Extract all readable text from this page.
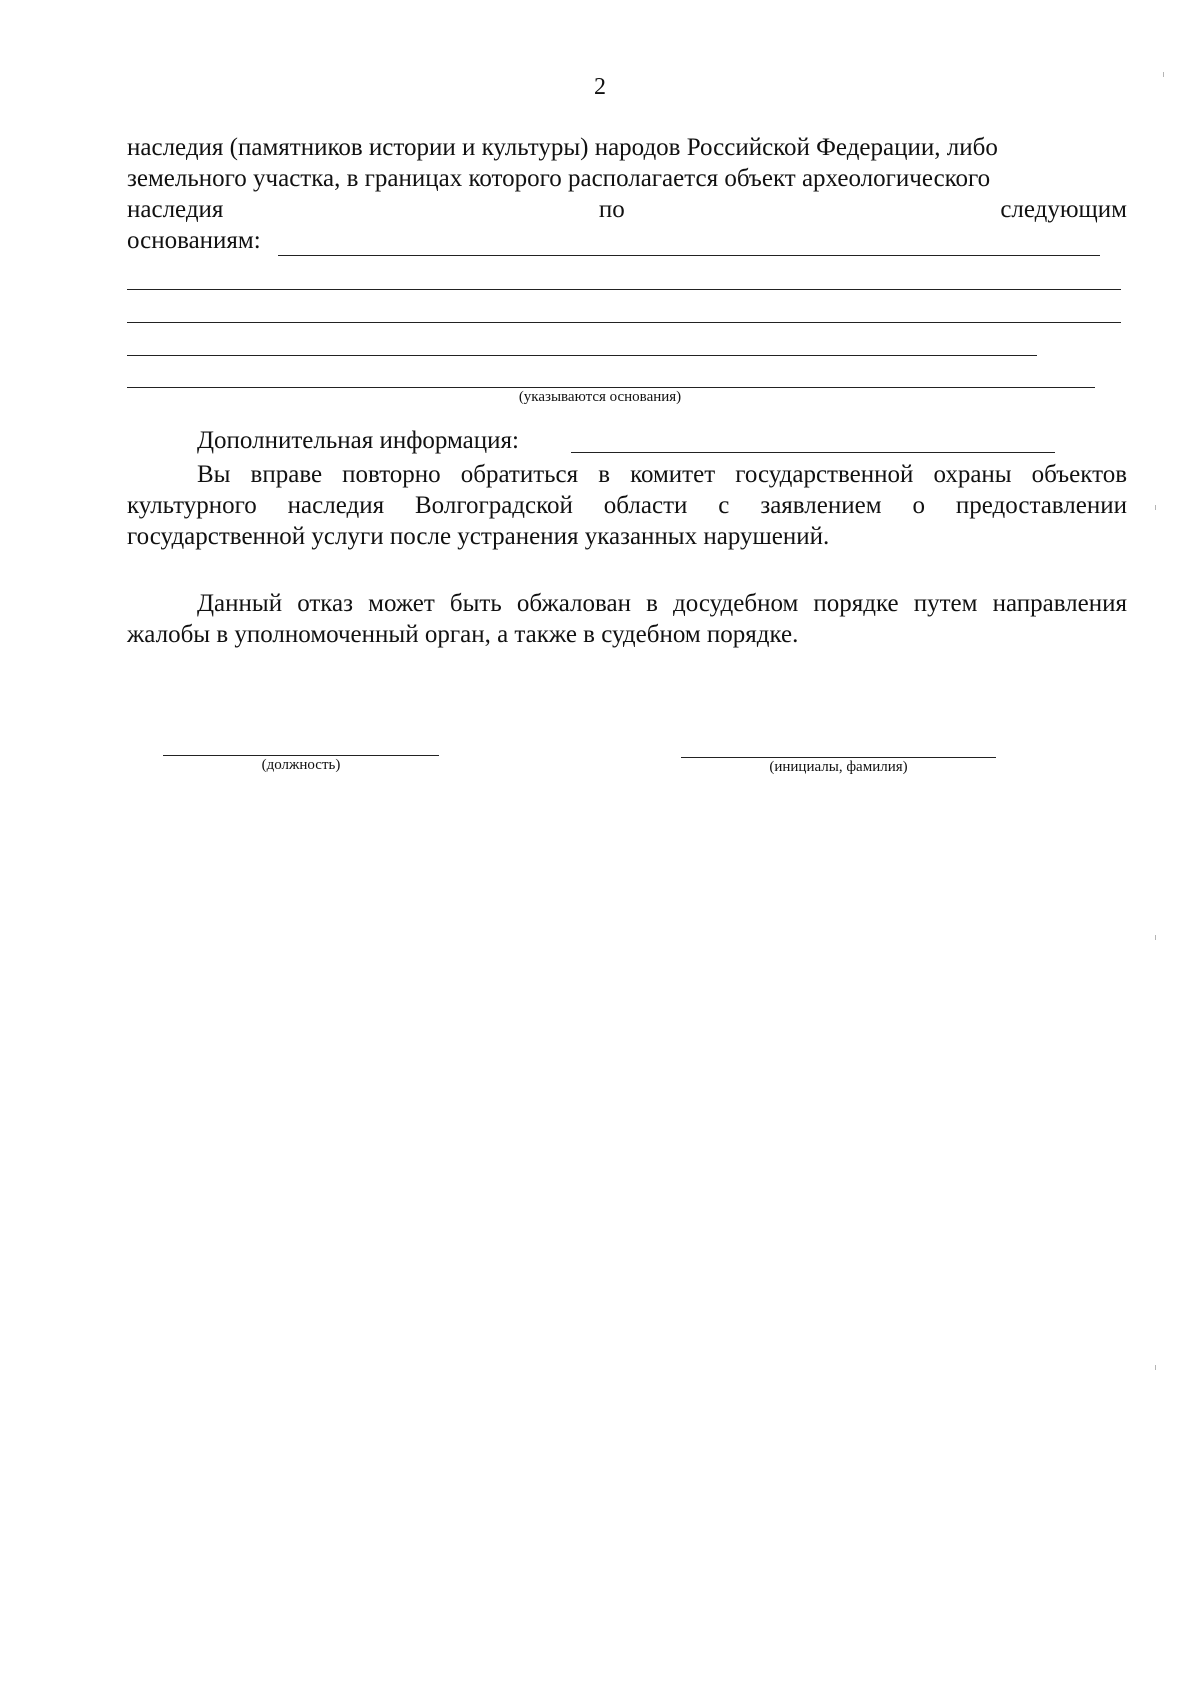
2
наследия (памятников истории и культуры) народов Российской Федерации, либо
земельного участка, в границах которого располагается объект археологического
наследия	по	следующим
основаниям:
(указываются основания)
Дополнительная информация:
Вы вправе повторно обратиться в комитет государственной охраны объектов культурного наследия Волгоградской области с заявлением о предоставлении государственной услуги после устранения указанных нарушений.
Данный отказ может быть обжалован в досудебном порядке путем направления жалобы в уполномоченный орган, а также в судебном порядке.
(должность)	(инициалы, фамилия)
